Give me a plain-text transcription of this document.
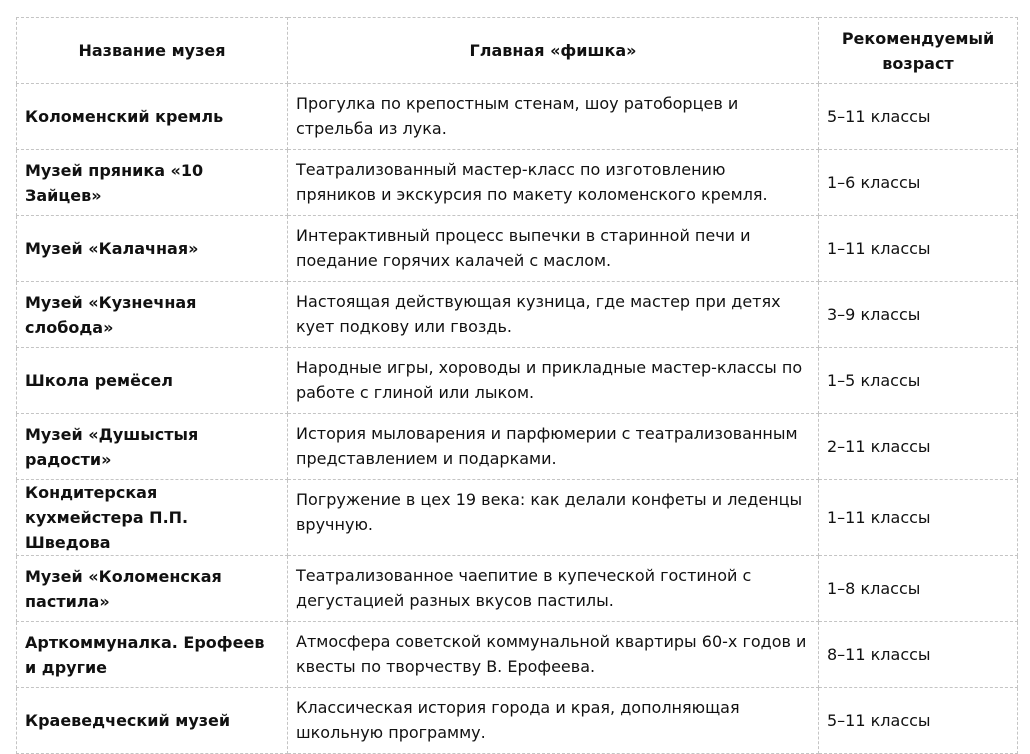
Название музея	Главная «фишка»	Рекомендуемый возраст
Коломенский кремль	Прогулка по крепостным стенам, шоу ратоборцев и стрельба из лука.	5–11 классы
Музей пряника «10 Зайцев»	Театрализованный мастер-класс по изготовлению пряников и экскурсия по макету коломенского кремля.	1–6 классы
Музей «Калачная»	Интерактивный процесс выпечки в старинной печи и поедание горячих калачей с маслом.	1–11 классы
Музей «Кузнечная слобода»	Настоящая действующая кузница, где мастер при детях кует подкову или гвоздь.	3–9 классы
Школа ремёсел	Народные игры, хороводы и прикладные мастер-классы по работе с глиной или лыком.	1–5 классы
Музей «Душыстыя радости»	История мыловарения и парфюмерии с театрализованным представлением и подарками.	2–11 классы
Кондитерская кухмейстера П.П. Шведова	Погружение в цех 19 века: как делали конфеты и леденцы вручную.	1–11 классы
Музей «Коломенская пастила»	Театрализованное чаепитие в купеческой гостиной с дегустацией разных вкусов пастилы.	1–8 классы
Арткоммуналка. Ерофеев и другие	Атмосфера советской коммунальной квартиры 60-х годов и квесты по творчеству В. Ерофеева.	8–11 классы
Краеведческий музей	Классическая история города и края, дополняющая школьную программу.	5–11 классы
